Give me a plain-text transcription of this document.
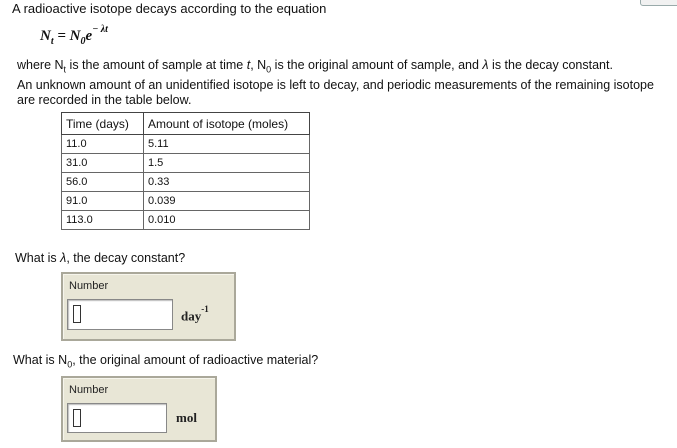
A radioactive isotope decays according to the equation
$N_t = N_0e^{- \lambda t}$
where $N_t$ is the amount of sample at time t, $N_0$ is the original amount of sample, and λ is the decay constant.
An unknown amount of an unidentified isotope is left to decay, and periodic measurements of the remaining isotope are recorded in the table below.
Time (days)	Amount of isotope (moles)
11.0	5.11
31.0	1.5
56.0	0.33
91.0	0.039
113.0	0.010
What is λ, the decay constant?
Number
day$^{-1}$
What is $N_0$, the original amount of radioactive material?
Number
mol
